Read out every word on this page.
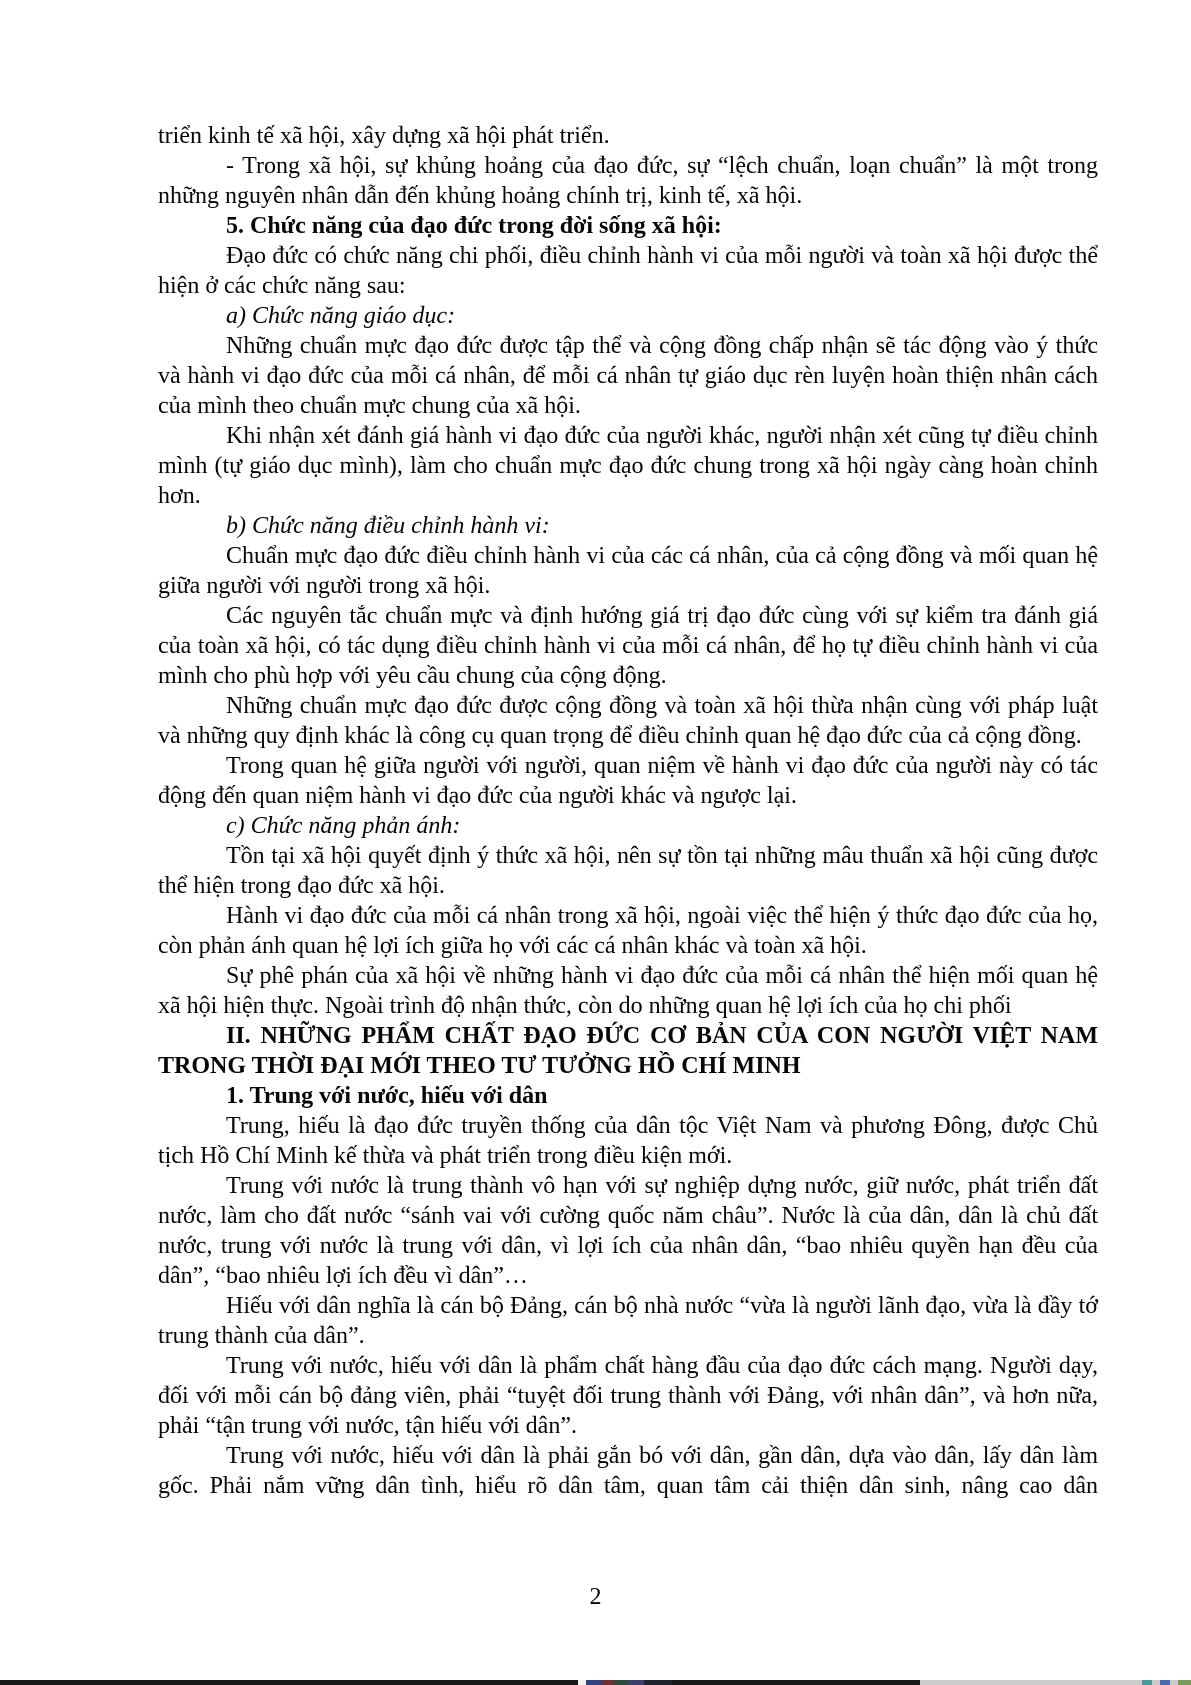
triển kinh tế xã hội, xây dựng xã hội phát triển.

- Trong xã hội, sự khủng hoảng của đạo đức, sự “lệch chuẩn, loạn chuẩn” là một trong những nguyên nhân dẫn đến khủng hoảng chính trị, kinh tế, xã hội.

5. Chức năng của đạo đức trong đời sống xã hội:

Đạo đức có chức năng chi phối, điều chỉnh hành vi của mỗi người và toàn xã hội được thể hiện ở các chức năng sau:

a) Chức năng giáo dục:

Những chuẩn mực đạo đức được tập thể và cộng đồng chấp nhận sẽ tác động vào ý thức và hành vi đạo đức của mỗi cá nhân, để mỗi cá nhân tự giáo dục rèn luyện hoàn thiện nhân cách của mình theo chuẩn mực chung của xã hội.

Khi nhận xét đánh giá hành vi đạo đức của người khác, người nhận xét cũng tự điều chỉnh mình (tự giáo dục mình), làm cho chuẩn mực đạo đức chung trong xã hội ngày càng hoàn chỉnh hơn.

b) Chức năng điều chỉnh hành vi:

Chuẩn mực đạo đức điều chỉnh hành vi của các cá nhân, của cả cộng đồng và mối quan hệ giữa người với người trong xã hội.

Các nguyên tắc chuẩn mực và định hướng giá trị đạo đức cùng với sự kiểm tra đánh giá của toàn xã hội, có tác dụng điều chỉnh hành vi của mỗi cá nhân, để họ tự điều chỉnh hành vi của mình cho phù hợp với yêu cầu chung của cộng động.

Những chuẩn mực đạo đức được cộng đồng và toàn xã hội thừa nhận cùng với pháp luật và những quy định khác là công cụ quan trọng để điều chỉnh quan hệ đạo đức của cả cộng đồng.

Trong quan hệ giữa người với người, quan niệm về hành vi đạo đức của người này có tác động đến quan niệm hành vi đạo đức của người khác và ngược lại.

c) Chức năng phản ánh:

Tồn tại xã hội quyết định ý thức xã hội, nên sự tồn tại những mâu thuẩn xã hội cũng được thể hiện trong đạo đức xã hội.

Hành vi đạo đức của mỗi cá nhân trong xã hội, ngoài việc thể hiện ý thức đạo đức của họ, còn phản ánh quan hệ lợi ích giữa họ với các cá nhân khác và toàn xã hội.

Sự phê phán của xã hội về những hành vi đạo đức của mỗi cá nhân thể hiện mối quan hệ xã hội hiện thực. Ngoài trình độ nhận thức, còn do những quan hệ lợi ích của họ chi phối

II. NHỮNG PHẨM CHẤT ĐẠO ĐỨC CƠ BẢN CỦA CON NGƯỜI VIỆT NAM TRONG THỜI ĐẠI MỚI THEO TƯ TƯỞNG HỒ CHÍ MINH

1. Trung với nước, hiếu với dân

Trung, hiếu là đạo đức truyền thống của dân tộc Việt Nam và phương Đông, được Chủ tịch Hồ Chí Minh kế thừa và phát triển trong điều kiện mới.

Trung với nước là trung thành vô hạn với sự nghiệp dựng nước, giữ nước, phát triển đất nước, làm cho đất nước “sánh vai với cường quốc năm châu”. Nước là của dân, dân là chủ đất nước, trung với nước là trung với dân, vì lợi ích của nhân dân, “bao nhiêu quyền hạn đều của dân”, “bao nhiêu lợi ích đều vì dân”…

Hiếu với dân nghĩa là cán bộ Đảng, cán bộ nhà nước “vừa là người lãnh đạo, vừa là đầy tớ trung thành của dân”.

Trung với nước, hiếu với dân là phẩm chất hàng đầu của đạo đức cách mạng. Người dạy, đối với mỗi cán bộ đảng viên, phải “tuyệt đối trung thành với Đảng, với nhân dân”, và hơn nữa, phải “tận trung với nước, tận hiếu với dân”.

Trung với nước, hiếu với dân là phải gắn bó với dân, gần dân, dựa vào dân, lấy dân làm gốc. Phải nắm vững dân tình, hiểu rõ dân tâm, quan tâm cải thiện dân sinh, nâng cao dân

2
